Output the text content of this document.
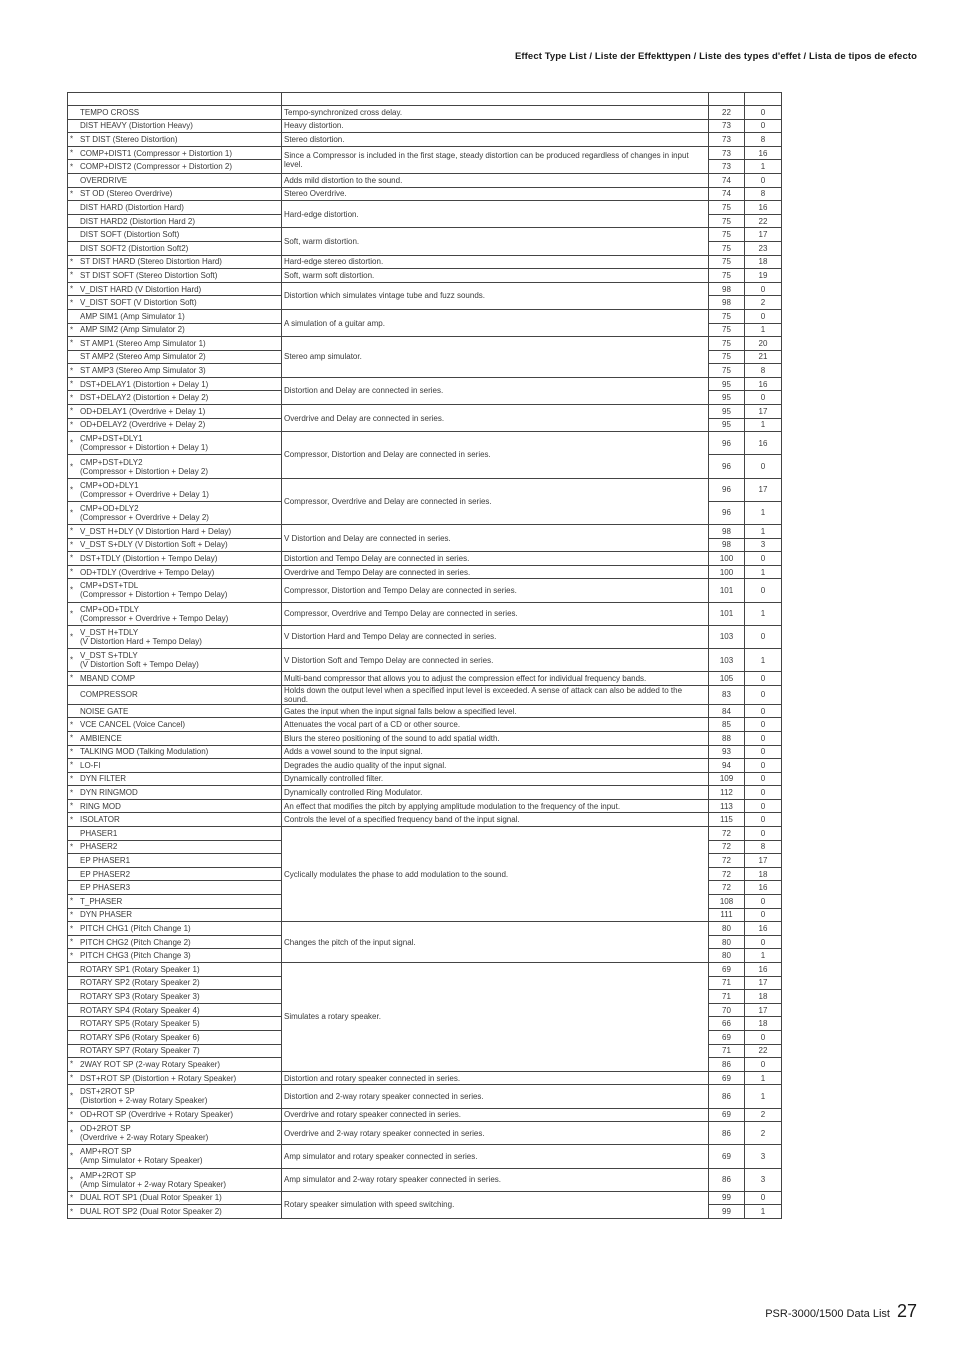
Effect Type List / Liste der Effekttypen / Liste des types d'effet / Lista de tipos de efecto

TEMPO CROSS	Tempo-synchronized cross delay.	22	0

DIST HEAVY (Distortion Heavy)	Heavy distortion.	73	0

* ST DIST (Stereo Distortion)	Stereo distortion.	73	8

* COMP+DIST1 (Compressor + Distortion 1)	Since a Compressor is included in the first stage, steady distortion can be produced regardless of changes in input level.	73	16

* COMP+DIST2 (Compressor + Distortion 2)		73	1

OVERDRIVE	Adds mild distortion to the sound.	74	0

* ST OD (Stereo Overdrive)	Stereo Overdrive.	74	8

DIST HARD (Distortion Hard)	Hard-edge distortion.	75	16

DIST HARD2 (Distortion Hard 2)		75	22

DIST SOFT (Distortion Soft)	Soft, warm distortion.	75	17

DIST SOFT2 (Distortion Soft2)		75	23

* ST DIST HARD (Stereo Distortion Hard)	Hard-edge stereo distortion.	75	18

* ST DIST SOFT (Stereo Distortion Soft)	Soft, warm soft distortion.	75	19

* V_DIST HARD (V Distortion Hard)	Distortion which simulates vintage tube and fuzz sounds.	98	0

* V_DIST SOFT (V Distortion Soft)		98	2

AMP SIM1 (Amp Simulator 1)	A simulation of a guitar amp.	75	0

* AMP SIM2 (Amp Simulator 2)		75	1

* ST AMP1 (Stereo Amp Simulator 1)	Stereo amp simulator.	75	20

ST AMP2 (Stereo Amp Simulator 2)		75	21

* ST AMP3 (Stereo Amp Simulator 3)		75	8

* DST+DELAY1 (Distortion + Delay 1)	Distortion and Delay are connected in series.	95	16

* DST+DELAY2 (Distortion + Delay 2)		95	0

* OD+DELAY1 (Overdrive + Delay 1)	Overdrive and Delay are connected in series.	95	17

* OD+DELAY2 (Overdrive + Delay 2)		95	1

* CMP+DST+DLY1
(Compressor + Distortion + Delay 1)	Compressor, Distortion and Delay are connected in series.	96	16

* CMP+DST+DLY2
(Compressor + Distortion + Delay 2)		96	0

* CMP+OD+DLY1
(Compressor + Overdrive + Delay 1)	Compressor, Overdrive and Delay are connected in series.	96	17

* CMP+OD+DLY2
(Compressor + Overdrive + Delay 2)		96	1

* V_DST H+DLY (V Distortion Hard + Delay)	V Distortion and Delay are connected in series.	98	1

* V_DST S+DLY (V Distortion Soft + Delay)		98	3

* DST+TDLY (Distortion + Tempo Delay)	Distortion and Tempo Delay are connected in series.	100	0

* OD+TDLY (Overdrive + Tempo Delay)	Overdrive and Tempo Delay are connected in series.	100	1

* CMP+DST+TDL
(Compressor + Distortion + Tempo Delay)	Compressor, Distortion and Tempo Delay are connected in series.	101	0

* CMP+OD+TDLY
(Compressor + Overdrive + Tempo Delay)	Compressor, Overdrive and Tempo Delay are connected in series.	101	1

* V_DST H+TDLY
(V Distortion Hard + Tempo Delay)	V Distortion Hard and Tempo Delay are connected in series.	103	0

* V_DST S+TDLY
(V Distortion Soft + Tempo Delay)	V Distortion Soft and Tempo Delay are connected in series.	103	1

* MBAND COMP	Multi-band compressor that allows you to adjust the compression effect for individual frequency bands.	105	0

COMPRESSOR	Holds down the output level when a specified input level is exceeded. A sense of attack can also be added to the sound.	83	0

NOISE GATE	Gates the input when the input signal falls below a specified level.	84	0

* VCE CANCEL (Voice Cancel)	Attenuates the vocal part of a CD or other source.	85	0

* AMBIENCE	Blurs the stereo positioning of the sound to add spatial width.	88	0

* TALKING MOD (Talking Modulation)	Adds a vowel sound to the input signal.	93	0

* LO-FI	Degrades the audio quality of the input signal.	94	0

* DYN FILTER	Dynamically controlled filter.	109	0

* DYN RINGMOD	Dynamically controlled Ring Modulator.	112	0

* RING MOD	An effect that modifies the pitch by applying amplitude modulation to the frequency of the input.	113	0

* ISOLATOR	Controls the level of a specified frequency band of the input signal.	115	0

PHASER1	Cyclically modulates the phase to add modulation to the sound.	72	0

* PHASER2		72	8

EP PHASER1		72	17

EP PHASER2		72	18

EP PHASER3		72	16

* T_PHASER		108	0

* DYN PHASER		111	0

* PITCH CHG1 (Pitch Change 1)	Changes the pitch of the input signal.	80	16

* PITCH CHG2 (Pitch Change 2)		80	0

* PITCH CHG3 (Pitch Change 3)		80	1

ROTARY SP1 (Rotary Speaker 1)	Simulates a rotary speaker.	69	16

ROTARY SP2 (Rotary Speaker 2)		71	17

ROTARY SP3 (Rotary Speaker 3)		71	18

ROTARY SP4 (Rotary Speaker 4)		70	17

ROTARY SP5 (Rotary Speaker 5)		66	18

ROTARY SP6 (Rotary Speaker 6)		69	0

ROTARY SP7 (Rotary Speaker 7)		71	22

* 2WAY ROT SP (2-way Rotary Speaker)		86	0

* DST+ROT SP (Distortion + Rotary Speaker)	Distortion and rotary speaker connected in series.	69	1

* DST+2ROT SP
(Distortion + 2-way Rotary Speaker)	Distortion and 2-way rotary speaker connected in series.	86	1

* OD+ROT SP (Overdrive + Rotary Speaker)	Overdrive and rotary speaker connected in series.	69	2

* OD+2ROT SP
(Overdrive + 2-way Rotary Speaker)	Overdrive and 2-way rotary speaker connected in series.	86	2

* AMP+ROT SP
(Amp Simulator + Rotary Speaker)	Amp simulator and rotary speaker connected in series.	69	3

* AMP+2ROT SP
(Amp Simulator + 2-way Rotary Speaker)	Amp simulator and 2-way rotary speaker connected in series.	86	3

* DUAL ROT SP1 (Dual Rotor Speaker 1)	Rotary speaker simulation with speed switching.	99	0

* DUAL ROT SP2 (Dual Rotor Speaker 2)		99	1
PSR-3000/1500 Data List 27
